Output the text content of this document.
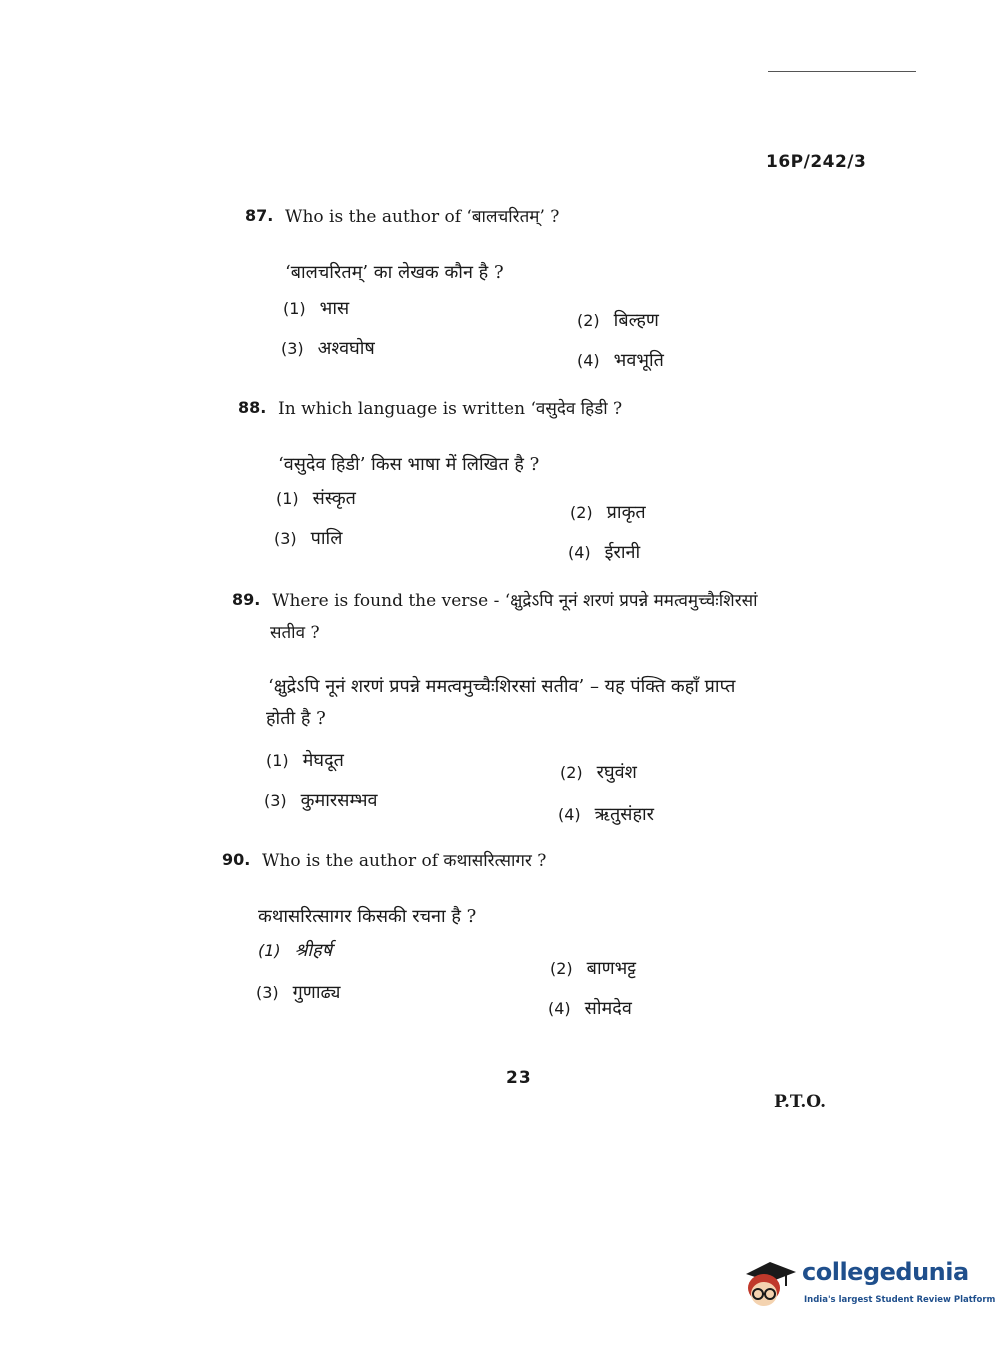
16P/242/3
87. Who is the author of ‘बालचरितम्’ ?
‘बालचरितम्’ का लेखक कौन है ?
(1) भास
(2) बिल्हण
(3) अश्वघोष
(4) भवभूति
88. In which language is written ‘वसुदेव हिडी ?
‘वसुदेव हिडी’ किस भाषा में लिखित है ?
(1) संस्कृत
(2) प्राकृत
(3) पालि
(4) ईरानी
89. Where is found the verse - ‘क्षुद्रेऽपि नूनं शरणं प्रपन्ने ममत्वमुच्चैःशिरसां
सतीव ?
‘क्षुद्रेऽपि नूनं शरणं प्रपन्ने ममत्वमुच्चैःशिरसां सतीव’ – यह पंक्ति कहाँ प्राप्त
होती है ?
(1) मेघदूत
(2) रघुवंश
(3) कुमारसम्भव
(4) ऋतुसंहार
90. Who is the author of कथासरित्सागर ?
कथासरित्सागर किसकी रचना है ?
(1) श्रीहर्ष
(2) बाणभट्ट
(3) गुणाढ्य
(4) सोमदेव
23
P.T.O.
collegedunia
India's largest Student Review Platform
